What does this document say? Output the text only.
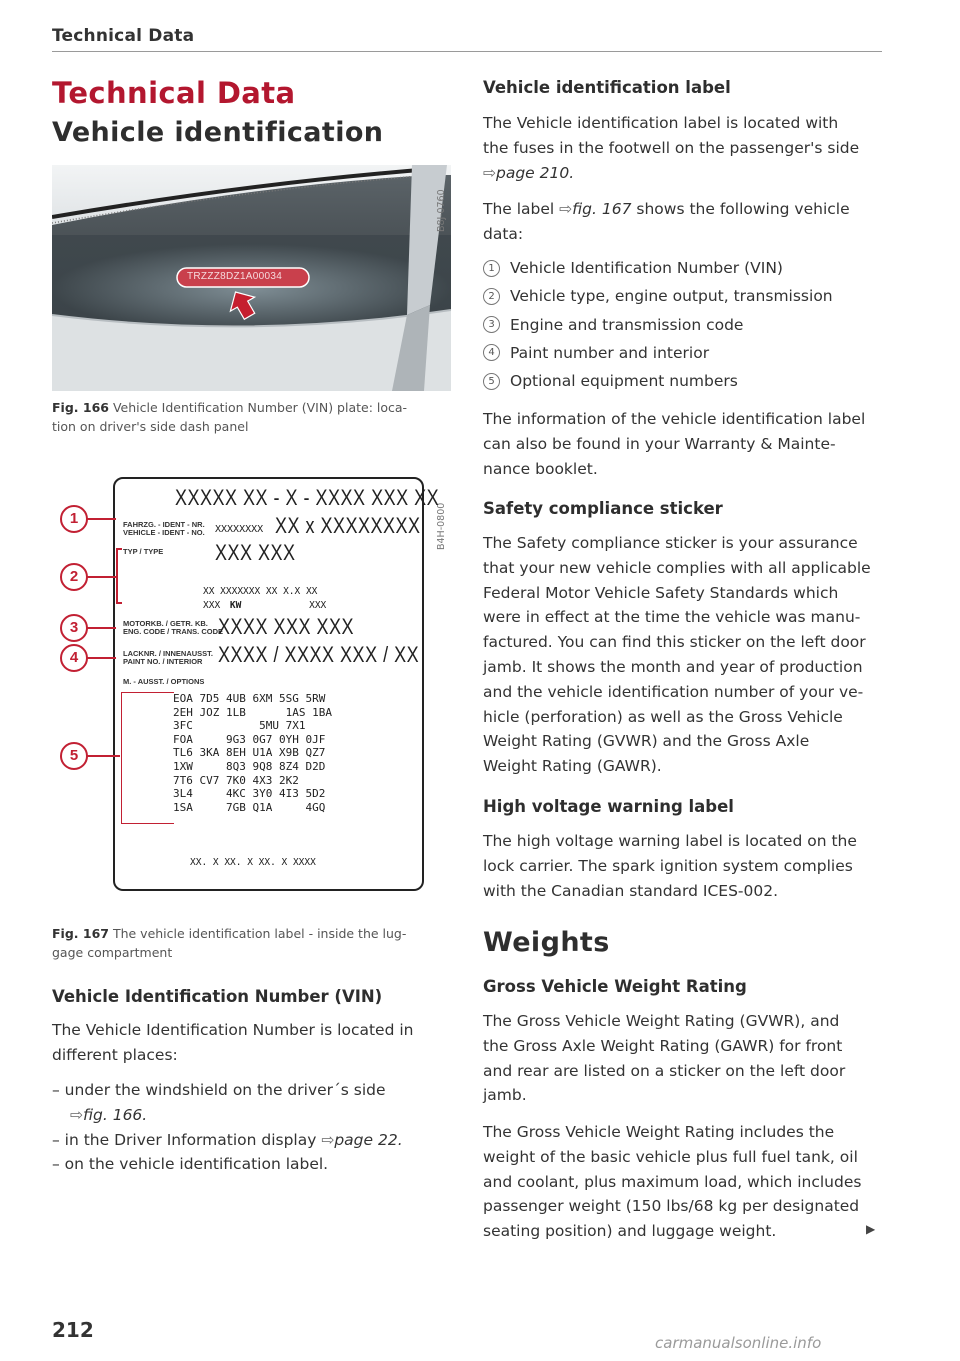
Technical Data
Technical Data
Vehicle identification
TRZZZ8DZ1A00034
B8J-0760
Fig. 166 Vehicle Identification Number (VIN) plate: loca-
tion on driver's side dash panel
B4H-0800
XXXXX XX - X - XXXX XXX XX
FAHRZG. - IDENT - NR.
VEHICLE - IDENT - NO. XXXXXXXX XX x XXXXXXXX
TYP / TYPE	XXX XXX
XX XXXXXXX XX X.X XX
XXX KW	XXX
MOTORKB. / GETR. KB.
ENG. CODE / TRANS. CODE
XXXX XXX XXX
LACKNR. / INNENAUSST.
PAINT NO. / INTERIOR XXXX / XXXX XXX / XX
M. - AUSST. / OPTIONS
EOA 7D5 4UB 6XM 5SG 5RW
2EH JOZ 1LB      1AS 1BA
3FC          5MU 7X1
FOA     9G3 0G7 0YH 0JF
TL6 3KA 8EH U1A X9B QZ7
1XW     8Q3 9Q8 8Z4 D2D
7T6 CV7 7K0 4X3 2K2
3L4     4KC 3Y0 4I3 5D2
1SA     7GB Q1A     4GQ
XX. X XX. X XX. X XXXX
1
2
3
4
5
Fig. 167 The vehicle identification label - inside the lug-
gage compartment
Vehicle Identification Number (VIN)
The Vehicle Identification Number is located in
different places:
– under the windshield on the driver´s side
⇨fig. 166.
– in the Driver Information display ⇨page 22.
– on the vehicle identification label.
212
Vehicle identification label
The Vehicle identification label is located with
the fuses in the footwell on the passenger's side
⇨page 210.
The label ⇨fig. 167 shows the following vehicle
data:
1 Vehicle Identification Number (VIN)
2 Vehicle type, engine output, transmission
3 Engine and transmission code
4 Paint number and interior
5 Optional equipment numbers
The information of the vehicle identification label
can also be found in your Warranty & Mainte-
nance booklet.
Safety compliance sticker
The Safety compliance sticker is your assurance
that your new vehicle complies with all applicable
Federal Motor Vehicle Safety Standards which
were in effect at the time the vehicle was manu-
factured. You can find this sticker on the left door
jamb. It shows the month and year of production
and the vehicle identification number of your ve-
hicle (perforation) as well as the Gross Vehicle
Weight Rating (GVWR) and the Gross Axle
Weight Rating (GAWR).
High voltage warning label
The high voltage warning label is located on the
lock carrier. The spark ignition system complies
with the Canadian standard ICES-002.
Weights
Gross Vehicle Weight Rating
The Gross Vehicle Weight Rating (GVWR), and
the Gross Axle Weight Rating (GAWR) for front
and rear are listed on a sticker on the left door
jamb.
The Gross Vehicle Weight Rating includes the
weight of the basic vehicle plus full fuel tank, oil
and coolant, plus maximum load, which includes
passenger weight (150 lbs/68 kg per designated
seating position) and luggage weight.	▶
carmanualsonline.info
